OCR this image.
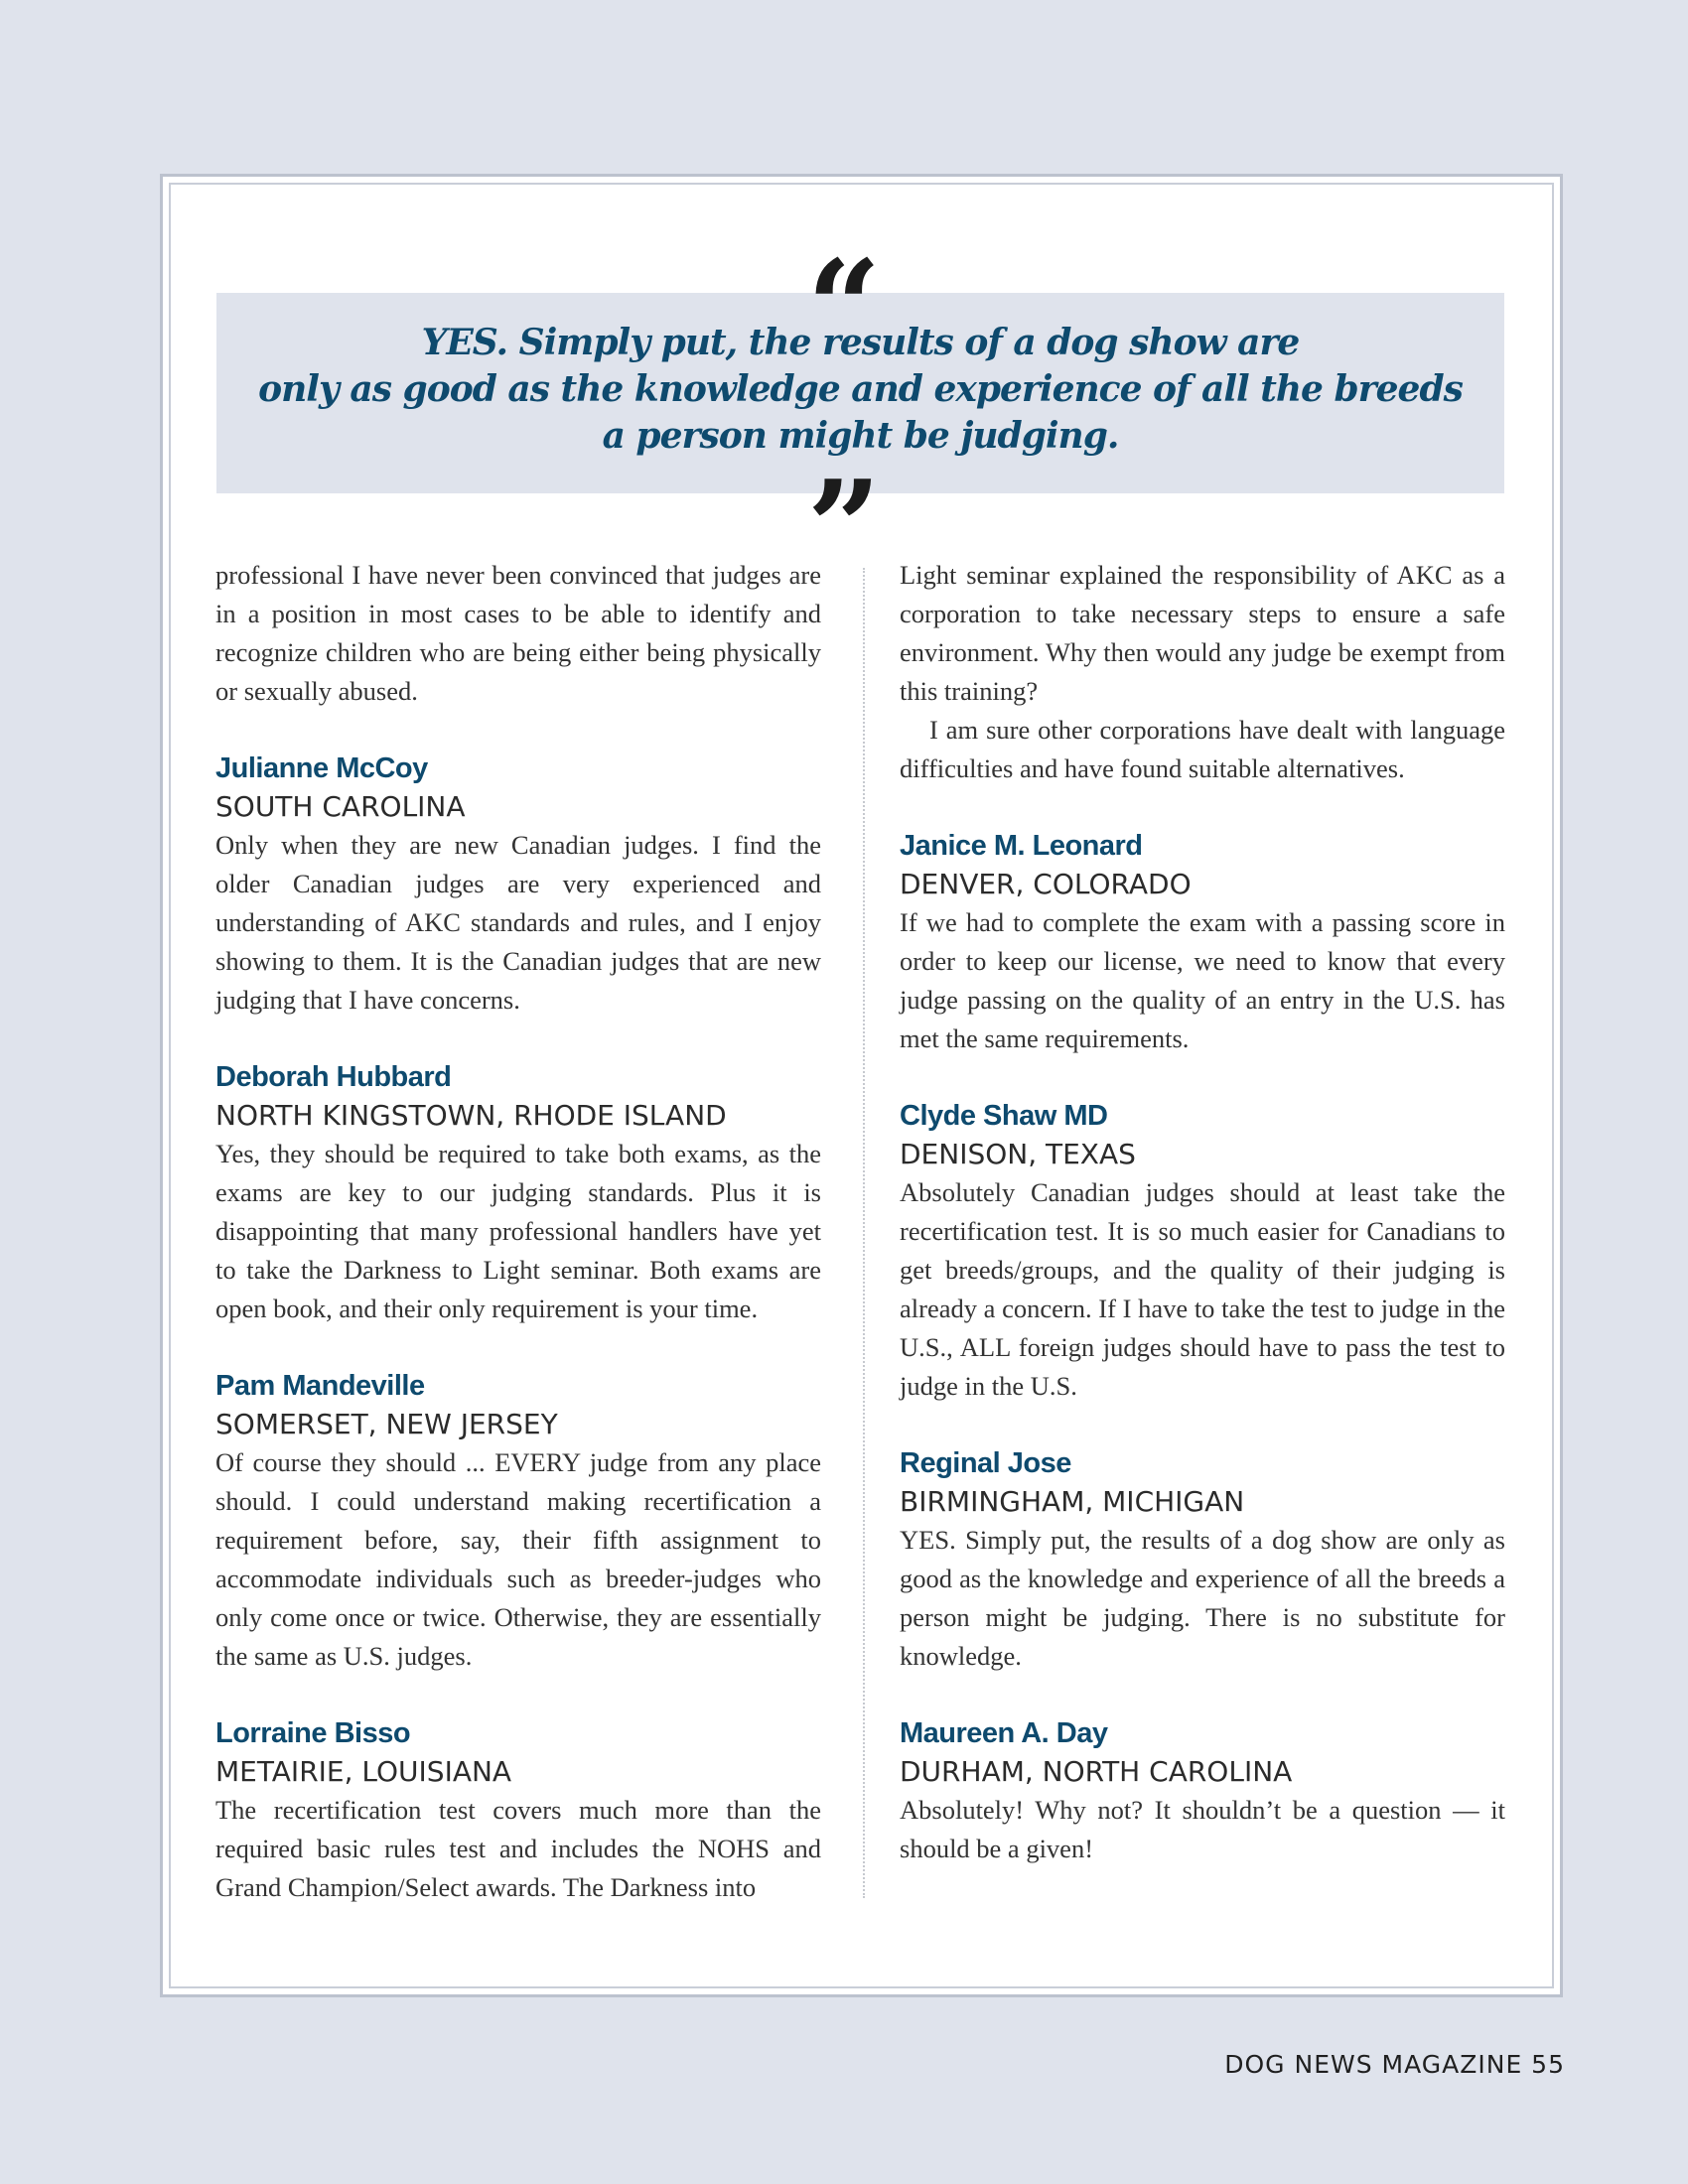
“

YES. Simply put, the results of a dog show are
only as good as the knowledge and experience of all the breeds
a person might be judging.

”

professional I have never been convinced that judges are in a position in most cases to be able to identify and recognize children who are being either being physically or sexually abused.

Julianne McCoy

SOUTH CAROLINA

Only when they are new Canadian judges. I find the older Canadian judges are very experienced and understanding of AKC standards and rules, and I enjoy showing to them. It is the Canadian judges that are new judging that I have concerns.

Deborah Hubbard

NORTH KINGSTOWN, RHODE ISLAND

Yes, they should be required to take both exams, as the exams are key to our judging standards. Plus it is disappointing that many professional handlers have yet to take the Darkness to Light seminar. Both exams are open book, and their only requirement is your time.

Pam Mandeville

SOMERSET, NEW JERSEY

Of course they should ... EVERY judge from any place should. I could understand making recertification a requirement before, say, their fifth assignment to accommodate individuals such as breeder-judges who only come once or twice. Otherwise, they are essentially the same as U.S. judges.

Lorraine Bisso

METAIRIE, LOUISIANA

The recertification test covers much more than the required basic rules test and includes the NOHS and Grand Champion/Select awards. The Darkness into

Light seminar explained the responsibility of AKC as a corporation to take necessary steps to ensure a safe environment. Why then would any judge be exempt from this training?

I am sure other corporations have dealt with language difficulties and have found suitable alternatives.

Janice M. Leonard

DENVER, COLORADO

If we had to complete the exam with a passing score in order to keep our license, we need to know that every judge passing on the quality of an entry in the U.S. has met the same requirements.

Clyde Shaw MD

DENISON, TEXAS

Absolutely Canadian judges should at least take the recertification test. It is so much easier for Canadians to get breeds/groups, and the quality of their judging is already a concern. If I have to take the test to judge in the U.S., ALL foreign judges should have to pass the test to judge in the U.S.

Reginal Jose

BIRMINGHAM, MICHIGAN

YES. Simply put, the results of a dog show are only as good as the knowledge and experience of all the breeds a person might be judging. There is no substitute for knowledge.

Maureen A. Day

DURHAM, NORTH CAROLINA

Absolutely! Why not? It shouldn’t be a question — it should be a given!

DOG NEWS MAGAZINE 55
